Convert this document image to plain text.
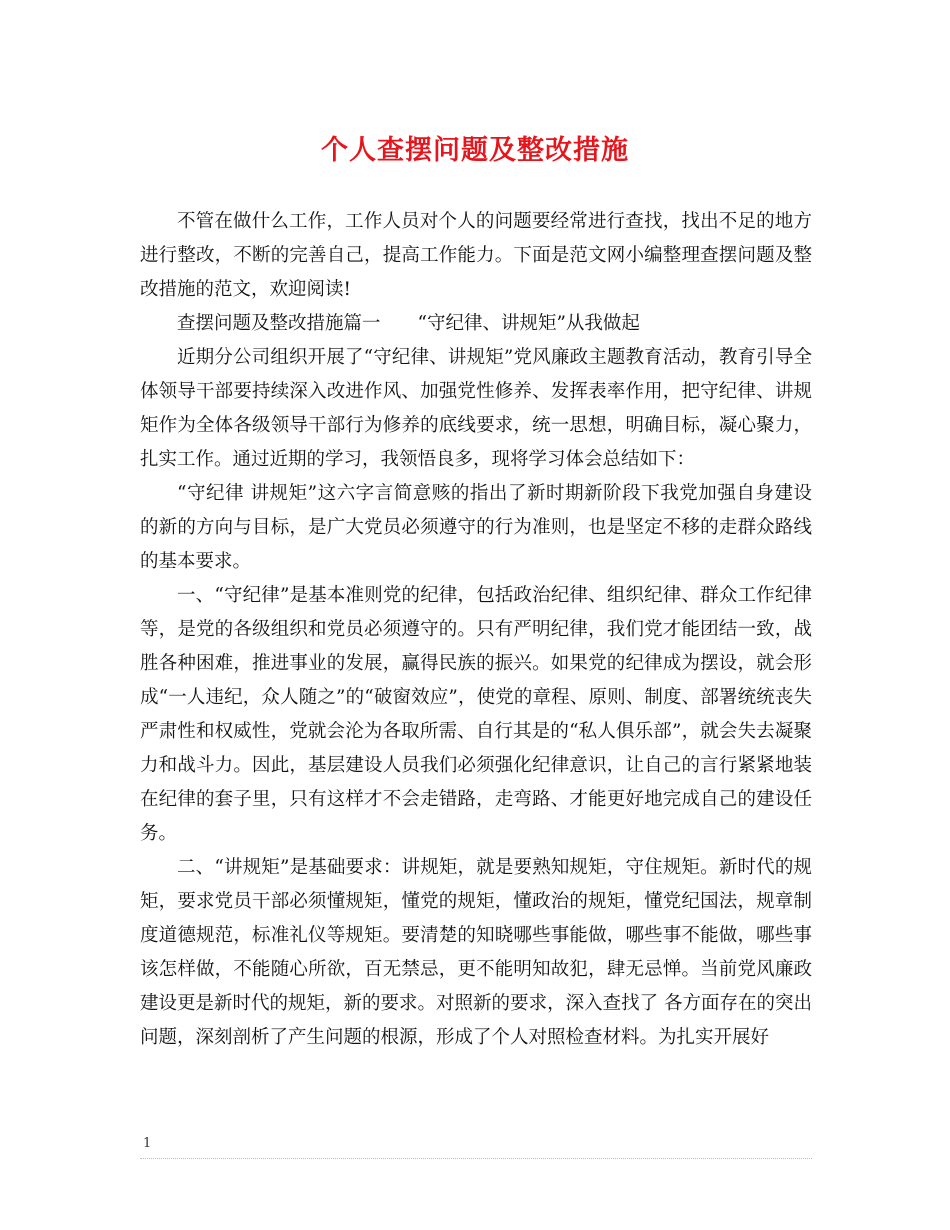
个人查摆问题及整改措施

不管在做什么工作，工作人员对个人的问题要经常进行查找，找出不足的地方进行整改，不断的完善自己，提高工作能力。下面是范文网小编整理查摆问题及整改措施的范文，欢迎阅读!

查摆问题及整改措施篇一　　“守纪律、讲规矩”从我做起

近期分公司组织开展了“守纪律、讲规矩”党风廉政主题教育活动，教育引导全体领导干部要持续深入改进作风、加强党性修养、发挥表率作用，把守纪律、讲规矩作为全体各级领导干部行为修养的底线要求，统一思想，明确目标，凝心聚力，扎实工作。通过近期的学习，我领悟良多，现将学习体会总结如下：

“守纪律 讲规矩”这六字言简意赅的指出了新时期新阶段下我党加强自身建设的新的方向与目标，是广大党员必须遵守的行为准则，也是坚定不移的走群众路线的基本要求。

一、“守纪律”是基本准则党的纪律，包括政治纪律、组织纪律、群众工作纪律等，是党的各级组织和党员必须遵守的。只有严明纪律，我们党才能团结一致，战胜各种困难，推进事业的发展，赢得民族的振兴。如果党的纪律成为摆设，就会形成“一人违纪，众人随之”的“破窗效应”，使党的章程、原则、制度、部署统统丧失严肃性和权威性，党就会沦为各取所需、自行其是的“私人俱乐部”，就会失去凝聚力和战斗力。因此，基层建设人员我们必须强化纪律意识，让自己的言行紧紧地装在纪律的套子里，只有这样才不会走错路，走弯路、才能更好地完成自己的建设任务。

二、“讲规矩”是基础要求：讲规矩，就是要熟知规矩，守住规矩。新时代的规矩，要求党员干部必须懂规矩，懂党的规矩，懂政治的规矩，懂党纪国法，规章制度道德规范，标准礼仪等规矩。要清楚的知晓哪些事能做，哪些事不能做，哪些事该怎样做，不能随心所欲，百无禁忌，更不能明知故犯，肆无忌惮。当前党风廉政建设更是新时代的规矩，新的要求。对照新的要求，深入查找了 各方面存在的突出问题，深刻剖析了产生问题的根源，形成了个人对照检查材料。为扎实开展好

1
